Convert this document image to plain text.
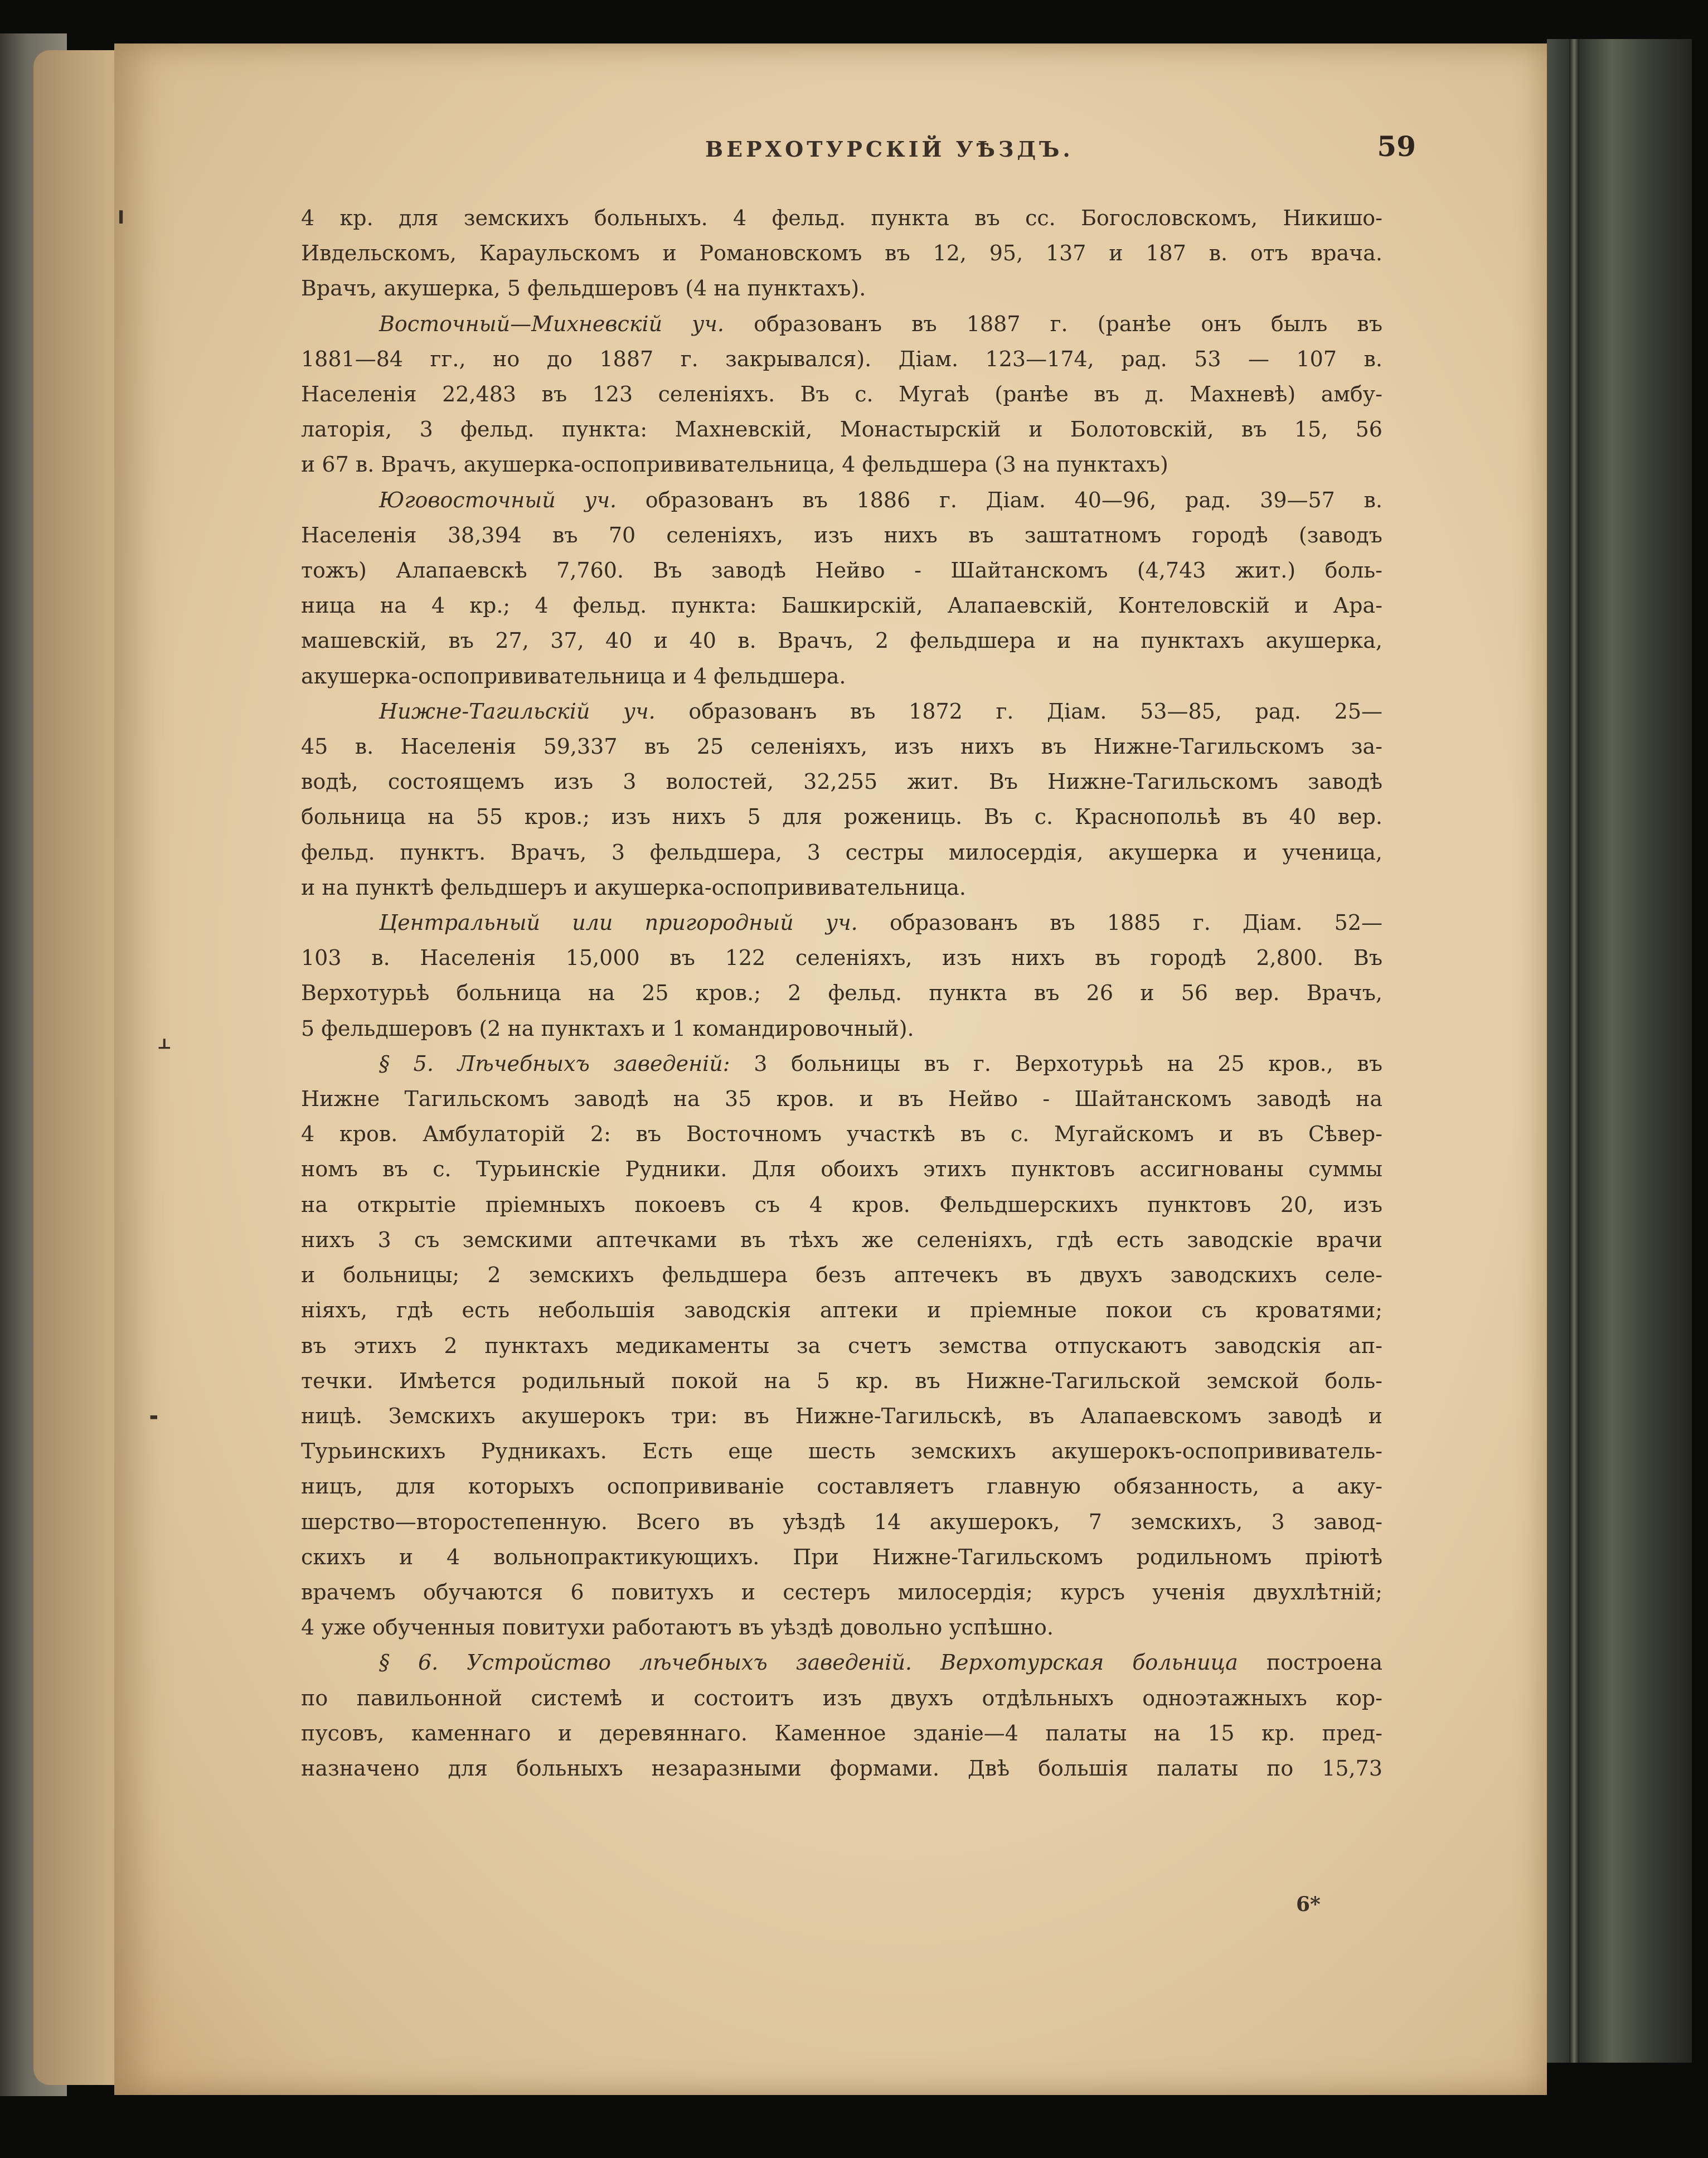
╻
ᚆ
╸
ВЕРХОТУРСКІЙ УѢЗДЪ.	59
4 кр. для земскихъ больныхъ. 4 фельд. пункта въ сс. Богословскомъ, Никишо-
Ивдельскомъ, Караульскомъ и Романовскомъ въ 12, 95, 137 и 187 в. отъ врача.
Врачъ, акушерка, 5 фельдшеровъ (4 на пунктахъ).
Восточный—Михневскій уч. образованъ въ 1887 г. (ранѣе онъ былъ въ
1881—84 гг., но до 1887 г. закрывался). Діам. 123—174, рад. 53 — 107 в.
Населенія 22,483 въ 123 селеніяхъ. Въ с. Мугаѣ (ранѣе въ д. Махневѣ) амбу-
латорія, 3 фельд. пункта: Махневскій, Монастырскій и Болотовскій, въ 15, 56
и 67 в. Врачъ, акушерка-оспопрививательница, 4 фельдшера (3 на пунктахъ)
Юговосточный уч. образованъ въ 1886 г. Діам. 40—96, рад. 39—57 в.
Населенія 38,394 въ 70 селеніяхъ, изъ нихъ въ заштатномъ городѣ (заводъ
тожъ) Алапаевскѣ 7,760. Въ заводѣ Нейво - Шайтанскомъ (4,743 жит.) боль-
ница на 4 кр.; 4 фельд. пункта: Башкирскій, Алапаевскій, Контеловскій и Ара-
машевскій, въ 27, 37, 40 и 40 в. Врачъ, 2 фельдшера и на пунктахъ акушерка,
акушерка-оспопрививательница и 4 фельдшера.
Нижне-Тагильскій уч. образованъ въ 1872 г. Діам. 53—85, рад. 25—
45 в. Населенія 59,337 въ 25 селеніяхъ, изъ нихъ въ Нижне-Тагильскомъ за-
водѣ, состоящемъ изъ 3 волостей, 32,255 жит. Въ Нижне-Тагильскомъ заводѣ
больница на 55 кров.; изъ нихъ 5 для рожениць. Въ с. Краснопольѣ въ 40 вер.
фельд. пунктъ. Врачъ, 3 фельдшера, 3 сестры милосердія, акушерка и ученица,
и на пунктѣ фельдшеръ и акушерка-оспопрививательница.
Центральный или пригородный уч. образованъ въ 1885 г. Діам. 52—
103 в. Населенія 15,000 въ 122 селеніяхъ, изъ нихъ въ городѣ 2,800. Въ
Верхотурьѣ больница на 25 кров.; 2 фельд. пункта въ 26 и 56 вер. Врачъ,
5 фельдшеровъ (2 на пунктахъ и 1 командировочный).
§ 5. Лѣчебныхъ заведеній: 3 больницы въ г. Верхотурьѣ на 25 кров., въ
Нижне Тагильскомъ заводѣ на 35 кров. и въ Нейво - Шайтанскомъ заводѣ на
4 кров. Амбулаторій 2: въ Восточномъ участкѣ въ с. Мугайскомъ и въ Сѣвер-
номъ въ с. Турьинскіе Рудники. Для обоихъ этихъ пунктовъ ассигнованы суммы
на открытіе пріемныхъ покоевъ съ 4 кров. Фельдшерскихъ пунктовъ 20, изъ
нихъ 3 съ земскими аптечками въ тѣхъ же селеніяхъ, гдѣ есть заводскіе врачи
и больницы; 2 земскихъ фельдшера безъ аптечекъ въ двухъ заводскихъ селе-
ніяхъ, гдѣ есть небольшія заводскія аптеки и пріемные покои съ кроватями;
въ этихъ 2 пунктахъ медикаменты за счетъ земства отпускаютъ заводскія ап-
течки. Имѣется родильный покой на 5 кр. въ Нижне-Тагильской земской боль-
ницѣ. Земскихъ акушерокъ три: въ Нижне-Тагильскѣ, въ Алапаевскомъ заводѣ и
Турьинскихъ Рудникахъ. Есть еще шесть земскихъ акушерокъ-оспопрививатель-
ницъ, для которыхъ оспопрививаніе составляетъ главную обязанность, а аку-
шерство—второстепенную. Всего въ уѣздѣ 14 акушерокъ, 7 земскихъ, 3 завод-
скихъ и 4 вольнопрактикующихъ. При Нижне-Тагильскомъ родильномъ пріютѣ
врачемъ обучаются 6 повитухъ и сестеръ милосердія; курсъ ученія двухлѣтній;
4 уже обученныя повитухи работаютъ въ уѣздѣ довольно успѣшно.
§ 6. Устройство лѣчебныхъ заведеній. Верхотурская больница построена
по павильонной системѣ и состоитъ изъ двухъ отдѣльныхъ одноэтажныхъ кор-
пусовъ, каменнаго и деревяннаго. Каменное зданіе—4 палаты на 15 кр. пред-
назначено для больныхъ незаразными формами. Двѣ большія палаты по 15,73
6*
